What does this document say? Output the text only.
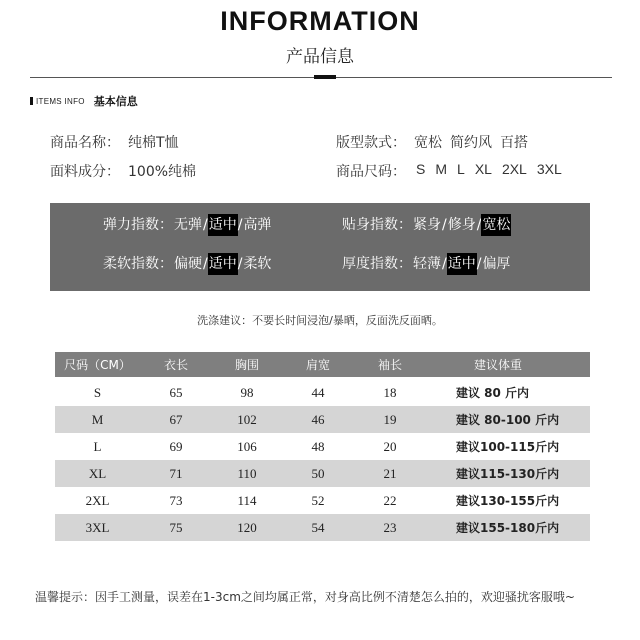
INFORMATION
产品信息
ITEMS INFO 基本信息
商品名称： 纯棉T恤	版型款式： 宽松 简约风 百搭
面料成分： 100%纯棉	商品尺码： S M L XL 2XL 3XL
弹力指数： 无弹 / 适中 / 高弹	贴身指数： 紧身 / 修身 / 宽松
柔软指数： 偏硬 / 适中 / 柔软	厚度指数： 轻薄 / 适中 / 偏厚
洗涤建议：不要长时间浸泡/暴晒，反面洗反面晒。
尺码（CM）	衣长	胸围	肩宽	袖长	建议体重
S	65	98	44	18	建议 80 斤内
M	67	102	46	19	建议 80-100 斤内
L	69	106	48	20	建议100-115斤内
XL	71	110	50	21	建议115-130斤内
2XL	73	114	52	22	建议130-155斤内
3XL	75	120	54	23	建议155-180斤内
温馨提示：因手工测量，误差在1-3cm之间均属正常，对身高比例不清楚怎么拍的，欢迎骚扰客服哦~
